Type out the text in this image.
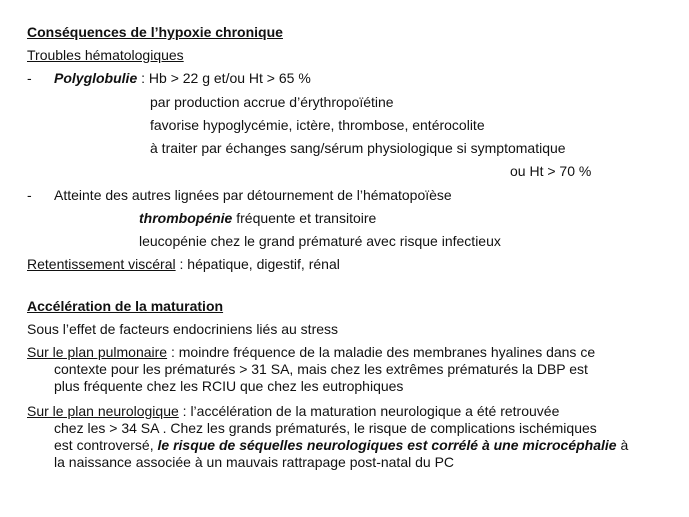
Conséquences de l’hypoxie chronique
Troubles hématologiques
- Polyglobulie : Hb > 22 g et/ou Ht > 65 %
par production accrue d’érythropoïétine
favorise hypoglycémie, ictère, thrombose, entérocolite
à traiter par échanges sang/sérum physiologique si symptomatique
ou Ht > 70 %
- Atteinte des autres lignées par détournement de l’hématopoïèse
thrombopénie fréquente et transitoire
leucopénie chez le grand prématuré avec risque infectieux
Retentissement viscéral : hépatique, digestif, rénal
Accélération de la maturation
Sous l’effet de facteurs endocriniens liés au stress
Sur le plan pulmonaire : moindre fréquence de la maladie des membranes hyalines dans ce
contexte pour les prématurés > 31 SA, mais chez les extrêmes prématurés la DBP est
plus fréquente chez les RCIU que chez les eutrophiques
Sur le plan neurologique : l’accélération de la maturation neurologique a été retrouvée
chez les > 34 SA . Chez les grands prématurés, le risque de complications ischémiques
est controversé, le risque de séquelles neurologiques est corrélé à une microcéphalie à
la naissance associée à un mauvais rattrapage post-natal du PC
